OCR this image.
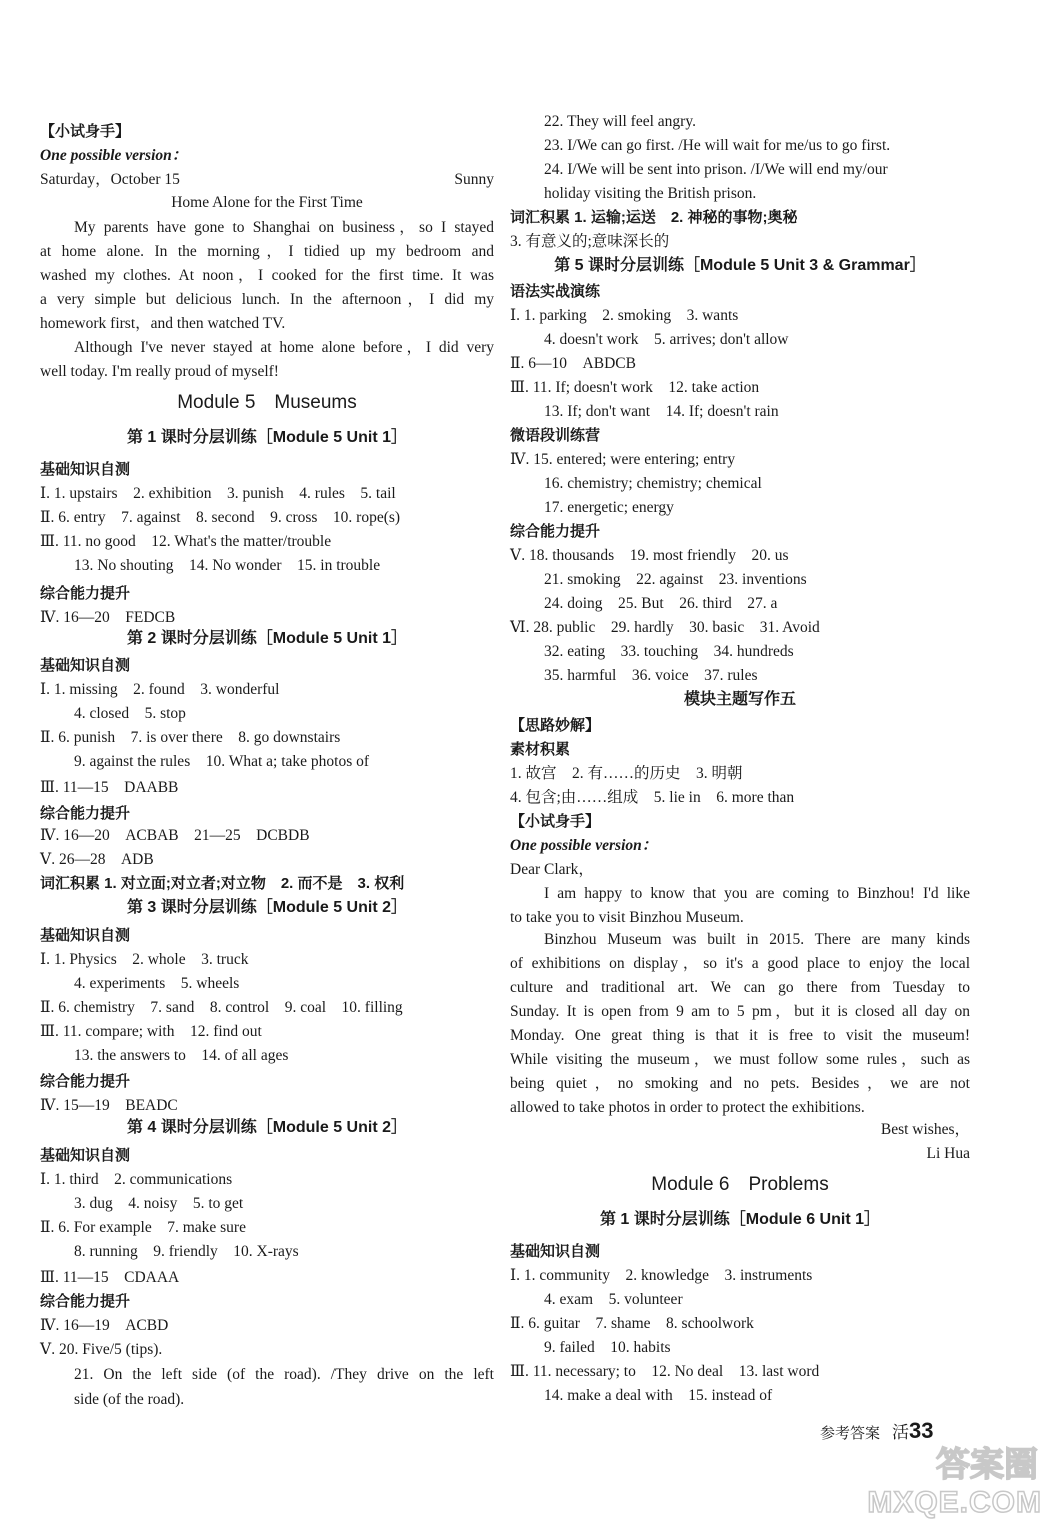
【小试身手】
One possible version：
Saturday，October 15	Sunny
Home Alone for the First Time
My parents have gone to Shanghai on business，so I stayed
at home alone. In the morning，I tidied up my bedroom and
washed my clothes. At noon，I cooked for the first time. It was
a very simple but delicious lunch. In the afternoon，I did my
homework first，and then watched TV.
Although I've never stayed at home alone before，I did very
well today. I'm really proud of myself!
Module 5　Museums
第 1 课时分层训练［Module 5 Unit 1］
基础知识自测
Ⅰ. 1. upstairs　2. exhibition　3. punish　4. rules　5. tail
Ⅱ. 6. entry　7. against　8. second　9. cross　10. rope(s)
Ⅲ. 11. no good　12. What's the matter/trouble
13. No shouting　14. No wonder　15. in trouble
综合能力提升
Ⅳ. 16—20　FEDCB
第 2 课时分层训练［Module 5 Unit 1］
基础知识自测
Ⅰ. 1. missing　2. found　3. wonderful
4. closed　5. stop
Ⅱ. 6. punish　7. is over there　8. go downstairs
9. against the rules　10. What a; take photos of
Ⅲ. 11—15　DAABB
综合能力提升
Ⅳ. 16—20　ACBAB　21—25　DCBDB
Ⅴ. 26—28　ADB
词汇积累 1. 对立面;对立者;对立物　2. 而不是　3. 权利
第 3 课时分层训练［Module 5 Unit 2］
基础知识自测
Ⅰ. 1. Physics　2. whole　3. truck
4. experiments　5. wheels
Ⅱ. 6. chemistry　7. sand　8. control　9. coal　10. filling
Ⅲ. 11. compare; with　12. find out
13. the answers to　14. of all ages
综合能力提升
Ⅳ. 15—19　BEADC
第 4 课时分层训练［Module 5 Unit 2］
基础知识自测
Ⅰ. 1. third　2. communications
3. dug　4. noisy　5. to get
Ⅱ. 6. For example　7. make sure
8. running　9. friendly　10. X-rays
Ⅲ. 11—15　CDAAA
综合能力提升
Ⅳ. 16—19　ACBD
Ⅴ. 20. Five/5 (tips).
21. On the left side (of the road). /They drive on the left
side (of the road).
22. They will feel angry.
23. I/We can go first. /He will wait for me/us to go first.
24. I/We will be sent into prison. /I/We will end my/our
holiday visiting the British prison.
词汇积累 1. 运输;运送　2. 神秘的事物;奥秘
3. 有意义的;意味深长的
第 5 课时分层训练［Module 5 Unit 3 & Grammar］
语法实战演练
Ⅰ. 1. parking　2. smoking　3. wants
4. doesn't work　5. arrives; don't allow
Ⅱ. 6—10　ABDCB
Ⅲ. 11. If; doesn't work　12. take action
13. If; don't want　14. If; doesn't rain
微语段训练营
Ⅳ. 15. entered; were entering; entry
16. chemistry; chemistry; chemical
17. energetic; energy
综合能力提升
Ⅴ. 18. thousands　19. most friendly　20. us
21. smoking　22. against　23. inventions
24. doing　25. But　26. third　27. a
Ⅵ. 28. public　29. hardly　30. basic　31. Avoid
32. eating　33. touching　34. hundreds
35. harmful　36. voice　37. rules
模块主题写作五
【思路妙解】
素材积累
1. 故宫　2. 有……的历史　3. 明朝
4. 包含;由……组成　5. lie in　6. more than
【小试身手】
One possible version：
Dear Clark，
I am happy to know that you are coming to Binzhou! I'd like
to take you to visit Binzhou Museum.
Binzhou Museum was built in 2015. There are many kinds
of exhibitions on display，so it's a good place to enjoy the local
culture and traditional art. We can go there from Tuesday to
Sunday. It is open from 9 am to 5 pm，but it is closed all day on
Monday. One great thing is that it is free to visit the museum!
While visiting the museum，we must follow some rules，such as
being quiet，no smoking and no pets. Besides，we are not
allowed to take photos in order to protect the exhibitions.
Best wishes，
Li Hua
Module 6　Problems
第 1 课时分层训练［Module 6 Unit 1］
基础知识自测
Ⅰ. 1. community　2. knowledge　3. instruments
4. exam　5. volunteer
Ⅱ. 6. guitar　7. shame　8. schoolwork
9. failed　10. habits
Ⅲ. 11. necessary; to　12. No deal　13. last word
14. make a deal with　15. instead of
参考答案 活33
答案圈
MXQE.COM
